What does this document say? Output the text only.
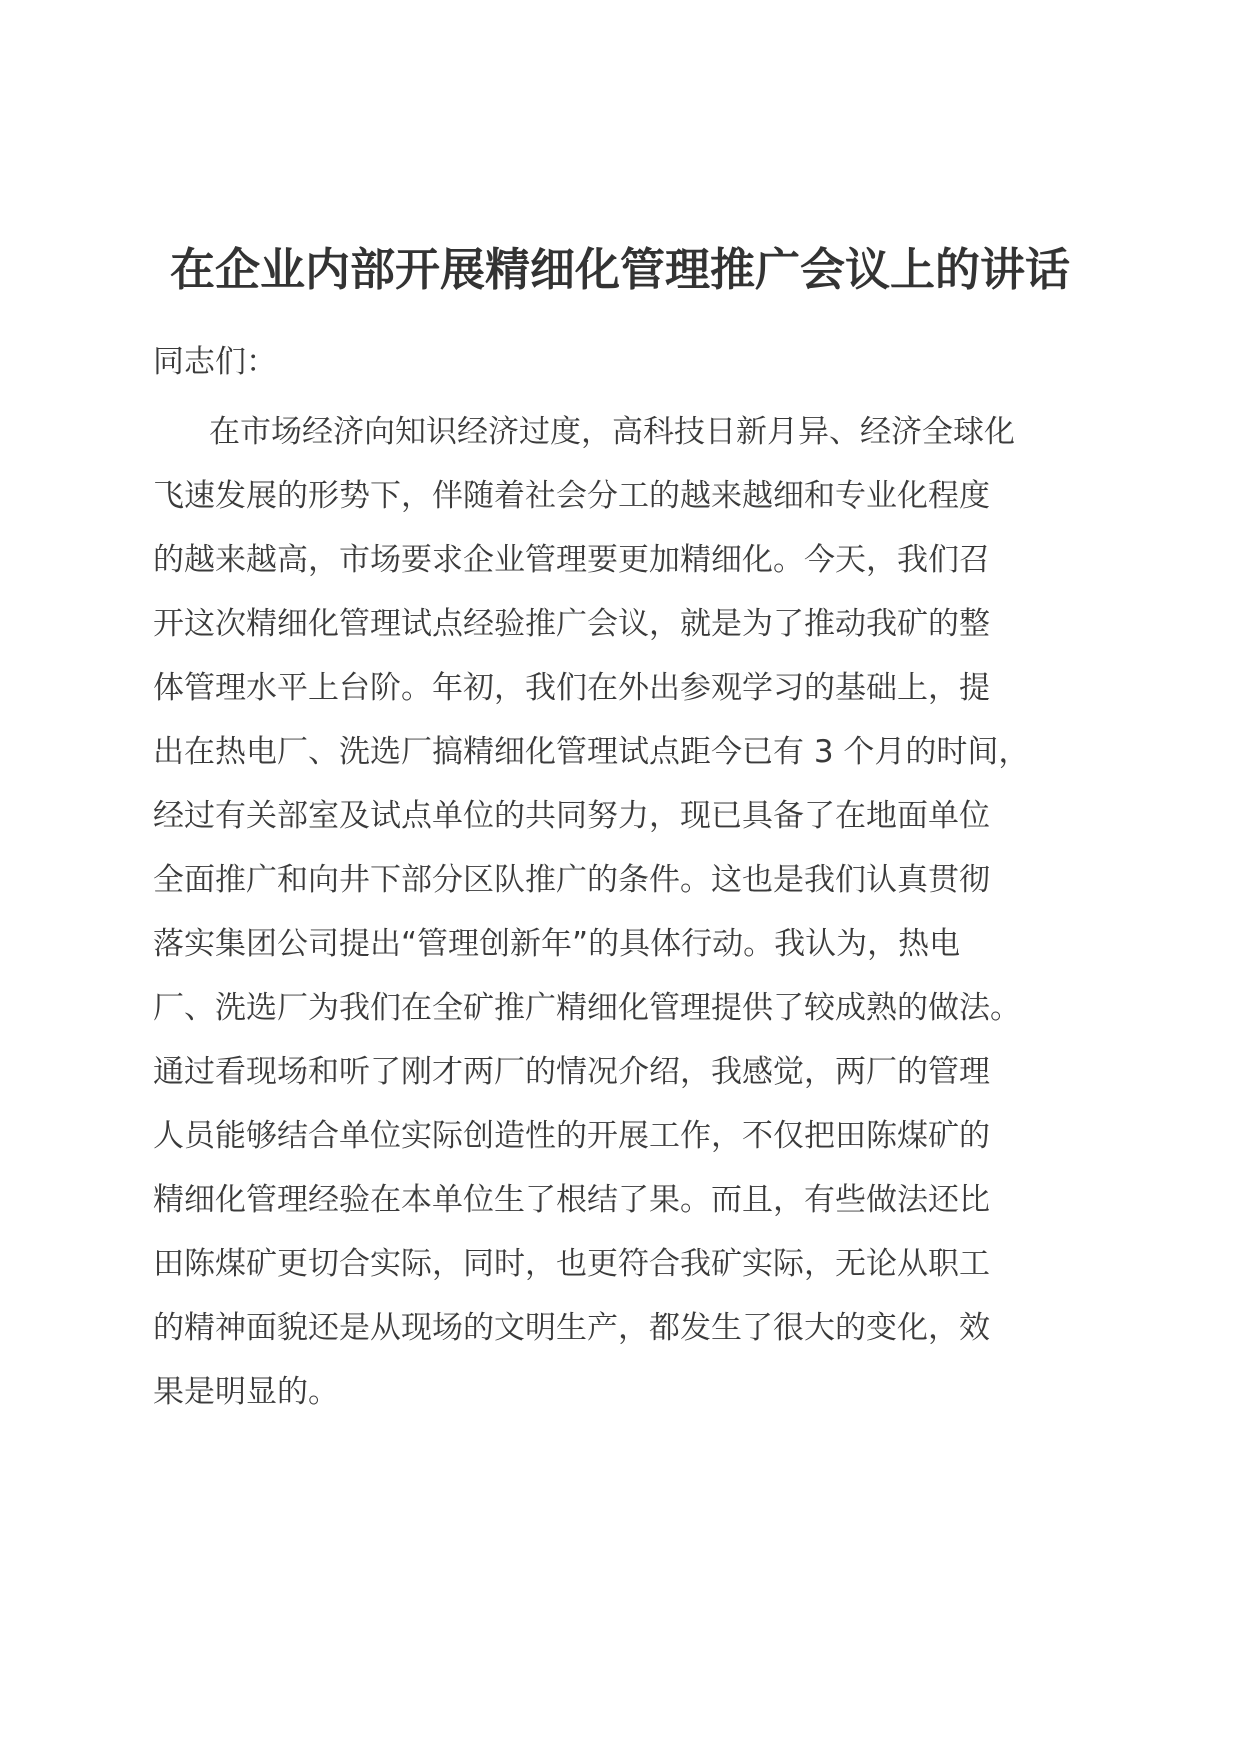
在企业内部开展精细化管理推广会议上的讲话
同志们：
在市场经济向知识经济过度，高科技日新月异、经济全球化
飞速发展的形势下，伴随着社会分工的越来越细和专业化程度
的越来越高，市场要求企业管理要更加精细化。今天，我们召
开这次精细化管理试点经验推广会议，就是为了推动我矿的整
体管理水平上台阶。年初，我们在外出参观学习的基础上，提
出在热电厂、洗选厂搞精细化管理试点距今已有 3 个月的时间，
经过有关部室及试点单位的共同努力，现已具备了在地面单位
全面推广和向井下部分区队推广的条件。这也是我们认真贯彻
落实集团公司提出“管理创新年”的具体行动。我认为，热电
厂、洗选厂为我们在全矿推广精细化管理提供了较成熟的做法。
通过看现场和听了刚才两厂的情况介绍，我感觉，两厂的管理
人员能够结合单位实际创造性的开展工作，不仅把田陈煤矿的
精细化管理经验在本单位生了根结了果。而且，有些做法还比
田陈煤矿更切合实际，同时，也更符合我矿实际，无论从职工
的精神面貌还是从现场的文明生产，都发生了很大的变化，效
果是明显的。
